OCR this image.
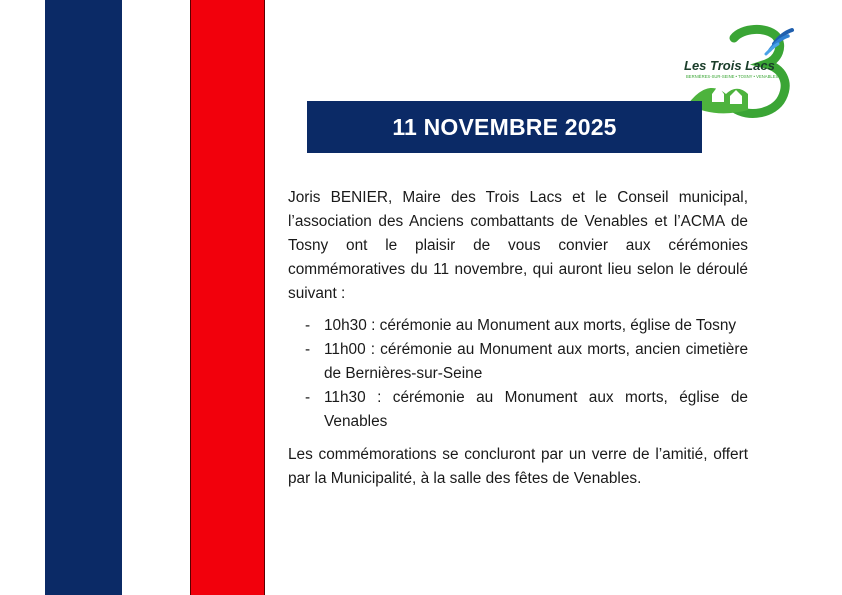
Les Trois Lacs
BERNIÈRES-SUR-SEINE • TOSNY • VENABLES
11 NOVEMBRE 2025

Joris BENIER, Maire des Trois Lacs et le Conseil municipal, l’association des Anciens combattants de Venables et l’ACMA de Tosny ont le plaisir de vous convier aux cérémonies commémoratives du 11 novembre, qui auront lieu selon le déroulé suivant :

- 10h30 : cérémonie au Monument aux morts, église de Tosny
- 11h00 : cérémonie au Monument aux morts, ancien cimetière de Bernières-sur-Seine
- 11h30 : cérémonie au Monument aux morts, église de Venables

Les commémorations se concluront par un verre de l’amitié, offert par la Municipalité, à la salle des fêtes de Venables.
